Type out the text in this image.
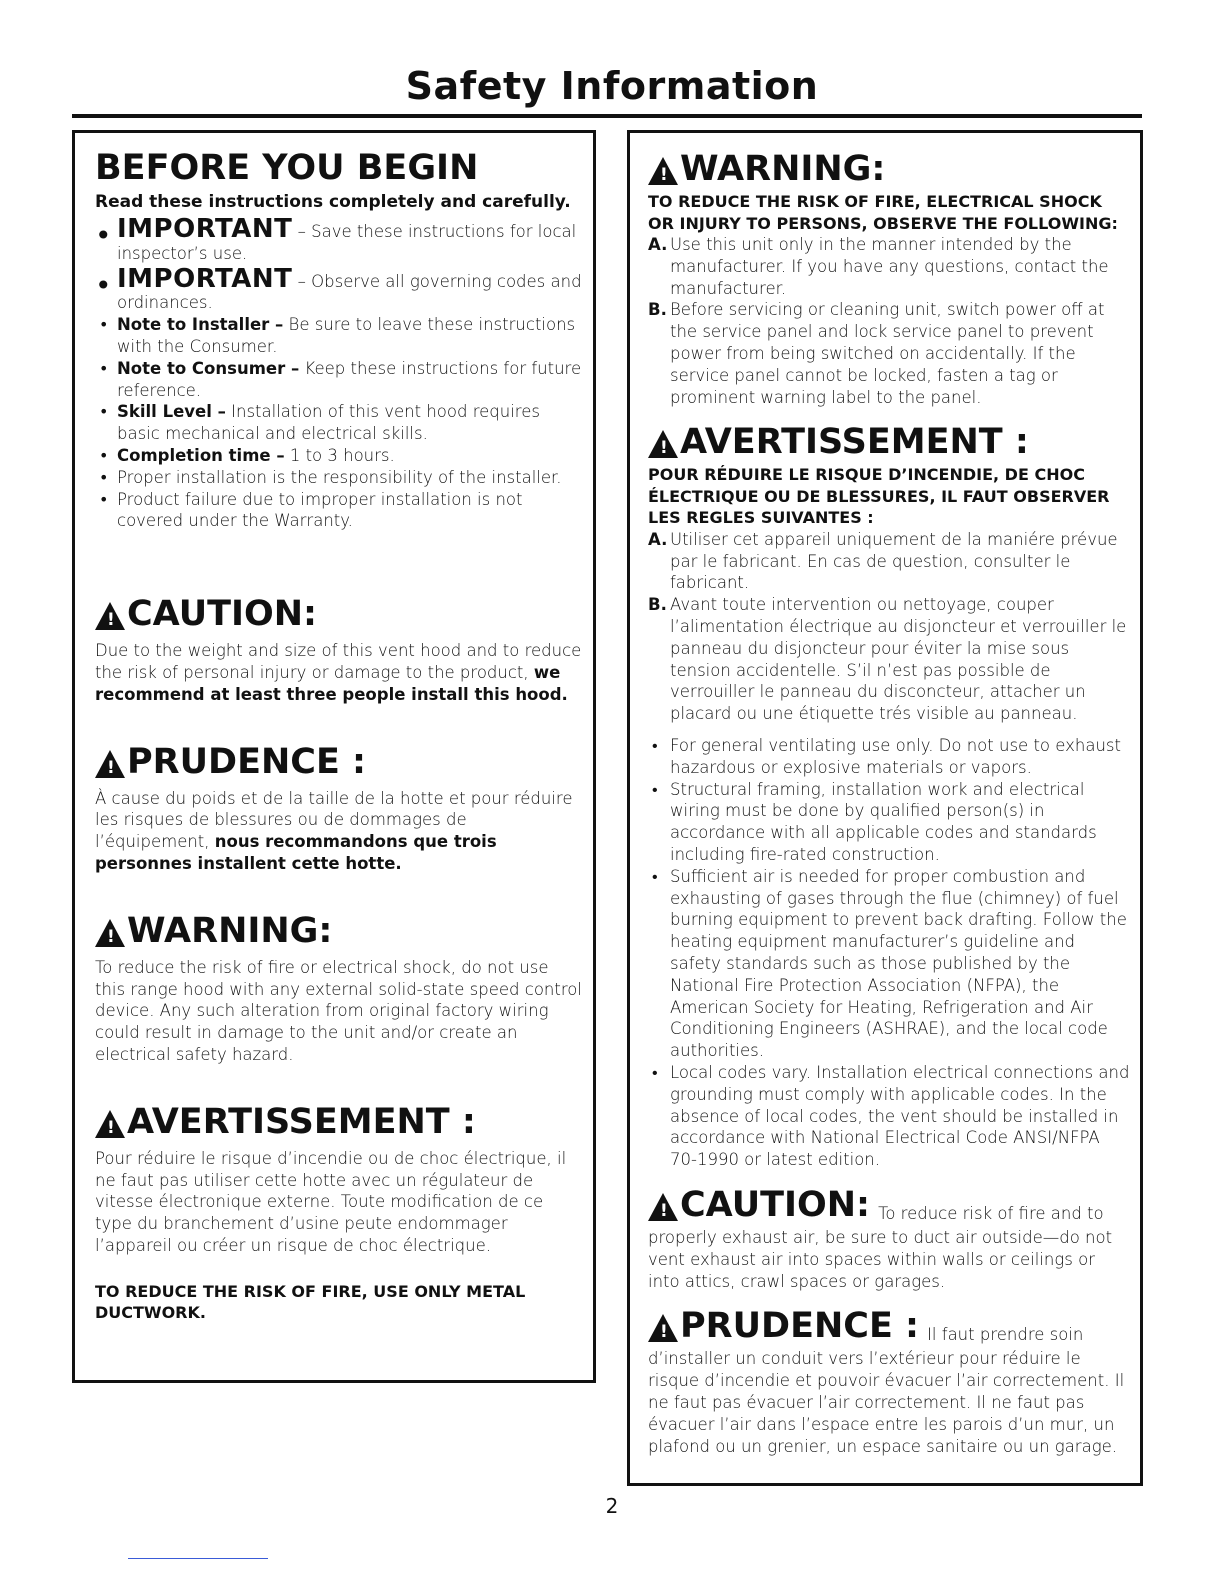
Safety Information
BEFORE YOU BEGIN
Read these instructions completely and carefully.
• IMPORTANT – Save these instructions for local inspector’s use.
• IMPORTANT – Observe all governing codes and ordinances.
• Note to Installer – Be sure to leave these instructions with the Consumer.
• Note to Consumer – Keep these instructions for future reference.
• Skill Level – Installation of this vent hood requires basic mechanical and electrical skills.
• Completion time – 1 to 3 hours.
• Proper installation is the responsibility of the installer.
• Product failure due to improper installation is not covered under the Warranty.
!
CAUTION:
Due to the weight and size of this vent hood and to reduce the risk of personal injury or damage to the product, we recommend at least three people install this hood.
!
PRUDENCE :
À cause du poids et de la taille de la hotte et pour réduire les risques de blessures ou de dommages de l’équipement, nous recommandons que trois personnes installent cette hotte.
!
WARNING:
To reduce the risk of fire or electrical shock, do not use this range hood with any external solid-state speed control device. Any such alteration from original factory wiring could result in damage to the unit and/or create an electrical safety hazard.
!
AVERTISSEMENT :
Pour réduire le risque d’incendie ou de choc électrique, il ne faut pas utiliser cette hotte avec un régulateur de vitesse électronique externe. Toute modification de ce type du branchement d’usine peute endommager l’appareil ou créer un risque de choc électrique.
TO REDUCE THE RISK OF FIRE, USE ONLY METAL DUCTWORK.
!
WARNING:
TO REDUCE THE RISK OF FIRE, ELECTRICAL SHOCK OR INJURY TO PERSONS, OBSERVE THE FOLLOWING:
A. Use this unit only in the manner intended by the manufacturer. If you have any questions, contact the manufacturer.
B. Before servicing or cleaning unit, switch power off at the service panel and lock service panel to prevent power from being switched on accidentally. If the service panel cannot be locked, fasten a tag or prominent warning label to the panel.
!
AVERTISSEMENT :
POUR RÉDUIRE LE RISQUE D’INCENDIE, DE CHOC ÉLECTRIQUE OU DE BLESSURES, IL FAUT OBSERVER LES REGLES SUIVANTES :
A. Utiliser cet appareil uniquement de la maniére prévue par le fabricant. En cas de question, consulter le fabricant.
B. Avant toute intervention ou nettoyage, couper l’alimentation électrique au disjoncteur et verrouiller le panneau du disjoncteur pour éviter la mise sous tension accidentelle. S’il n’est pas possible de verrouiller le panneau du disconcteur, attacher un placard ou une étiquette trés visible au panneau.
• For general ventilating use only. Do not use to exhaust hazardous or explosive materials or vapors.
• Structural framing, installation work and electrical wiring must be done by qualified person(s) in accordance with all applicable codes and standards including fire-rated construction.
• Sufficient air is needed for proper combustion and exhausting of gases through the flue (chimney) of fuel burning equipment to prevent back drafting. Follow the heating equipment manufacturer’s guideline and safety standards such as those published by the National Fire Protection Association (NFPA), the American Society for Heating, Refrigeration and Air Conditioning Engineers (ASHRAE), and the local code authorities.
• Local codes vary. Installation electrical connections and grounding must comply with applicable codes. In the absence of local codes, the vent should be installed in accordance with National Electrical Code ANSI/NFPA 70-1990 or latest edition.
!
CAUTION: To reduce risk of fire and to
properly exhaust air, be sure to duct air outside—do not vent exhaust air into spaces within walls or ceilings or into attics, crawl spaces or garages.
!
PRUDENCE : Il faut prendre soin
d’installer un conduit vers l’extérieur pour réduire le risque d’incendie et pouvoir évacuer l’air correctement. Il ne faut pas évacuer l’air correctement. Il ne faut pas évacuer l’air dans l’espace entre les parois d’un mur, un plafond ou un grenier, un espace sanitaire ou un garage.
2
